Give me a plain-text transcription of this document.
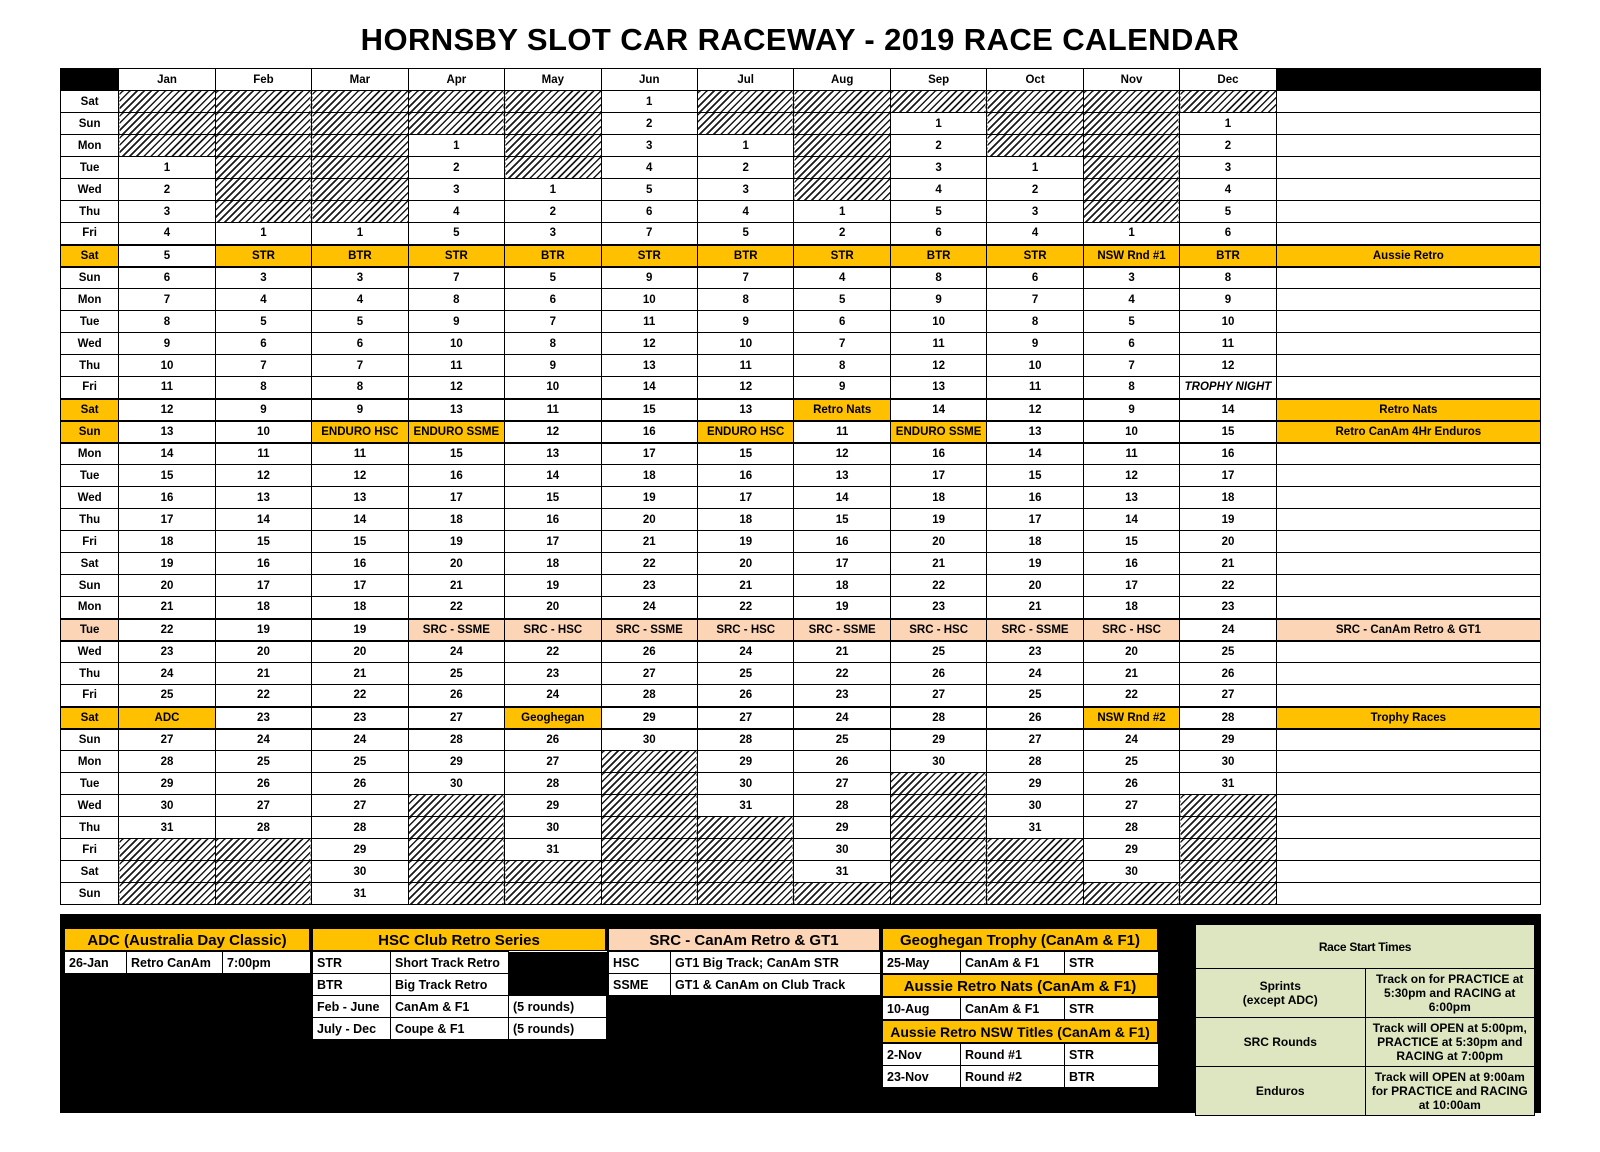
HORNSBY SLOT CAR RACEWAY - 2019 RACE CALENDAR
	Jan	Feb	Mar	Apr	May	Jun	Jul	Aug	Sep	Oct	Nov	Dec	
Sat						1							
Sun						2			1			1	
Mon				1		3	1		2			2	
Tue	1			2		4	2		3	1		3	
Wed	2			3	1	5	3		4	2		4	
Thu	3			4	2	6	4	1	5	3		5	
Fri	4	1	1	5	3	7	5	2	6	4	1	6	
Sat	5	STR	BTR	STR	BTR	STR	BTR	STR	BTR	STR	NSW Rnd #1	BTR	Aussie Retro
Sun	6	3	3	7	5	9	7	4	8	6	3	8	
Mon	7	4	4	8	6	10	8	5	9	7	4	9	
Tue	8	5	5	9	7	11	9	6	10	8	5	10	
Wed	9	6	6	10	8	12	10	7	11	9	6	11	
Thu	10	7	7	11	9	13	11	8	12	10	7	12	
Fri	11	8	8	12	10	14	12	9	13	11	8	TROPHY NIGHT	
Sat	12	9	9	13	11	15	13	Retro Nats	14	12	9	14	Retro Nats
Sun	13	10	ENDURO HSC	ENDURO SSME	12	16	ENDURO HSC	11	ENDURO SSME	13	10	15	Retro CanAm 4Hr Enduros
Mon	14	11	11	15	13	17	15	12	16	14	11	16	
Tue	15	12	12	16	14	18	16	13	17	15	12	17	
Wed	16	13	13	17	15	19	17	14	18	16	13	18	
Thu	17	14	14	18	16	20	18	15	19	17	14	19	
Fri	18	15	15	19	17	21	19	16	20	18	15	20	
Sat	19	16	16	20	18	22	20	17	21	19	16	21	
Sun	20	17	17	21	19	23	21	18	22	20	17	22	
Mon	21	18	18	22	20	24	22	19	23	21	18	23	
Tue	22	19	19	SRC - SSME	SRC - HSC	SRC - SSME	SRC - HSC	SRC - SSME	SRC - HSC	SRC - SSME	SRC - HSC	24	SRC - CanAm Retro & GT1
Wed	23	20	20	24	22	26	24	21	25	23	20	25	
Thu	24	21	21	25	23	27	25	22	26	24	21	26	
Fri	25	22	22	26	24	28	26	23	27	25	22	27	
Sat	ADC	23	23	27	Geoghegan	29	27	24	28	26	NSW Rnd #2	28	Trophy Races
Sun	27	24	24	28	26	30	28	25	29	27	24	29	
Mon	28	25	25	29	27		29	26	30	28	25	30	
Tue	29	26	26	30	28		30	27		29	26	31	
Wed	30	27	27		29		31	28		30	27		
Thu	31	28	28		30			29		31	28		
Fri			29		31			30			29		
Sat			30					31			30		
Sun			31										
ADC (Australia Day Classic)
26-Jan	Retro CanAm	7:00pm
HSC Club Retro Series
STR	Short Track Retro	
BTR	Big Track Retro	
Feb - June	CanAm & F1	(5 rounds)
July - Dec	Coupe & F1	(5 rounds)
SRC - CanAm Retro & GT1
HSC	GT1 Big Track; CanAm STR
SSME	GT1 & CanAm on Club Track
Geoghegan Trophy (CanAm & F1)
25-May	CanAm & F1	STR
Aussie Retro Nats (CanAm & F1)
10-Aug	CanAm & F1	STR
Aussie Retro NSW Titles (CanAm & F1)
2-Nov	Round #1	STR
23-Nov	Round #2	BTR
Race Start Times	
Sprints
(except ADC)	Track on for PRACTICE at 5:30pm and RACING at 6:00pm
SRC Rounds	Track will OPEN at 5:00pm, PRACTICE at 5:30pm and RACING at 7:00pm
Enduros	Track will OPEN at 9:00am for PRACTICE and RACING at 10:00am
